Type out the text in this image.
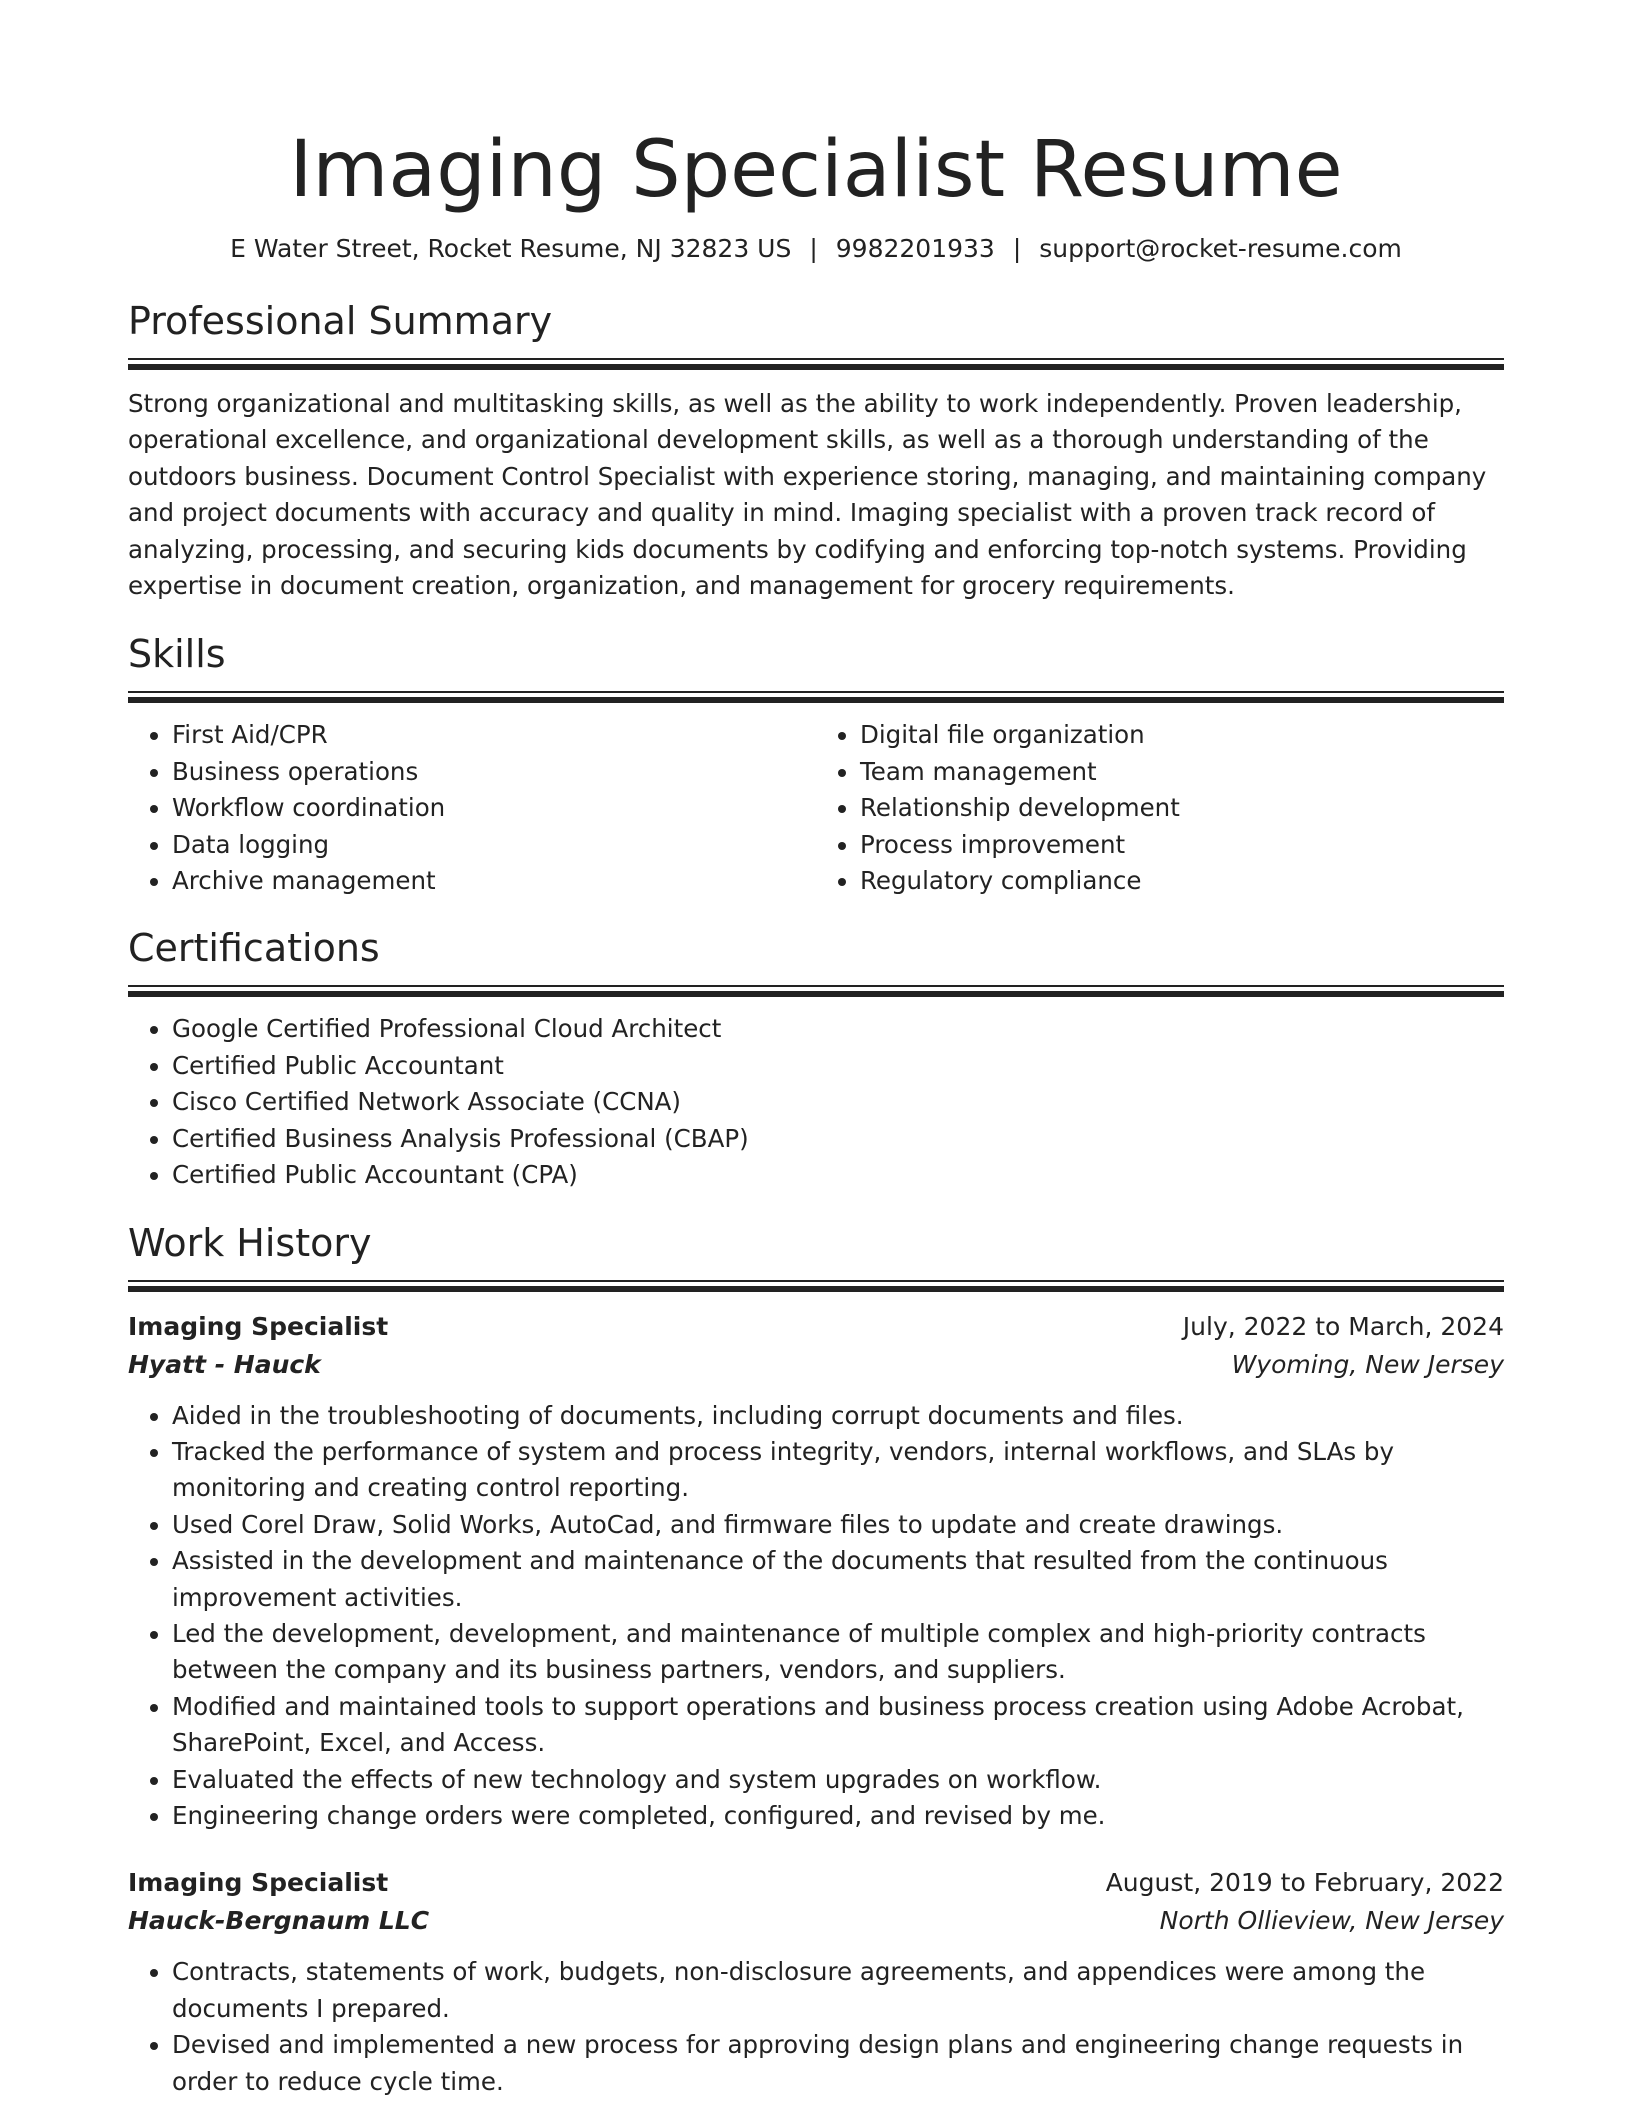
Imaging Specialist Resume
E Water Street, Rocket Resume, NJ 32823 US | 9982201933 | support@rocket-resume.com
Professional Summary
Strong organizational and multitasking skills, as well as the ability to work independently. Proven leadership, operational excellence, and organizational development skills, as well as a thorough understanding of the outdoors business. Document Control Specialist with experience storing, managing, and maintaining company and project documents with accuracy and quality in mind. Imaging specialist with a proven track record of analyzing, processing, and securing kids documents by codifying and enforcing top-notch systems. Providing expertise in document creation, organization, and management for grocery requirements.
Skills
• First Aid/CPR
• Business operations
• Workflow coordination
• Data logging
• Archive management
• Digital file organization
• Team management
• Relationship development
• Process improvement
• Regulatory compliance
Certifications
• Google Certified Professional Cloud Architect
• Certified Public Accountant
• Cisco Certified Network Associate (CCNA)
• Certified Business Analysis Professional (CBAP)
• Certified Public Accountant (CPA)
Work History
Imaging Specialist	July, 2022 to March, 2024
Hyatt - Hauck	Wyoming, New Jersey
• Aided in the troubleshooting of documents, including corrupt documents and files.
• Tracked the performance of system and process integrity, vendors, internal workflows, and SLAs by monitoring and creating control reporting.
• Used Corel Draw, Solid Works, AutoCad, and firmware files to update and create drawings.
• Assisted in the development and maintenance of the documents that resulted from the continuous improvement activities.
• Led the development, development, and maintenance of multiple complex and high-priority contracts between the company and its business partners, vendors, and suppliers.
• Modified and maintained tools to support operations and business process creation using Adobe Acrobat, SharePoint, Excel, and Access.
• Evaluated the effects of new technology and system upgrades on workflow.
• Engineering change orders were completed, configured, and revised by me.
Imaging Specialist	August, 2019 to February, 2022
Hauck-Bergnaum LLC	North Ollieview, New Jersey
• Contracts, statements of work, budgets, non-disclosure agreements, and appendices were among the documents I prepared.
• Devised and implemented a new process for approving design plans and engineering change requests in order to reduce cycle time.
